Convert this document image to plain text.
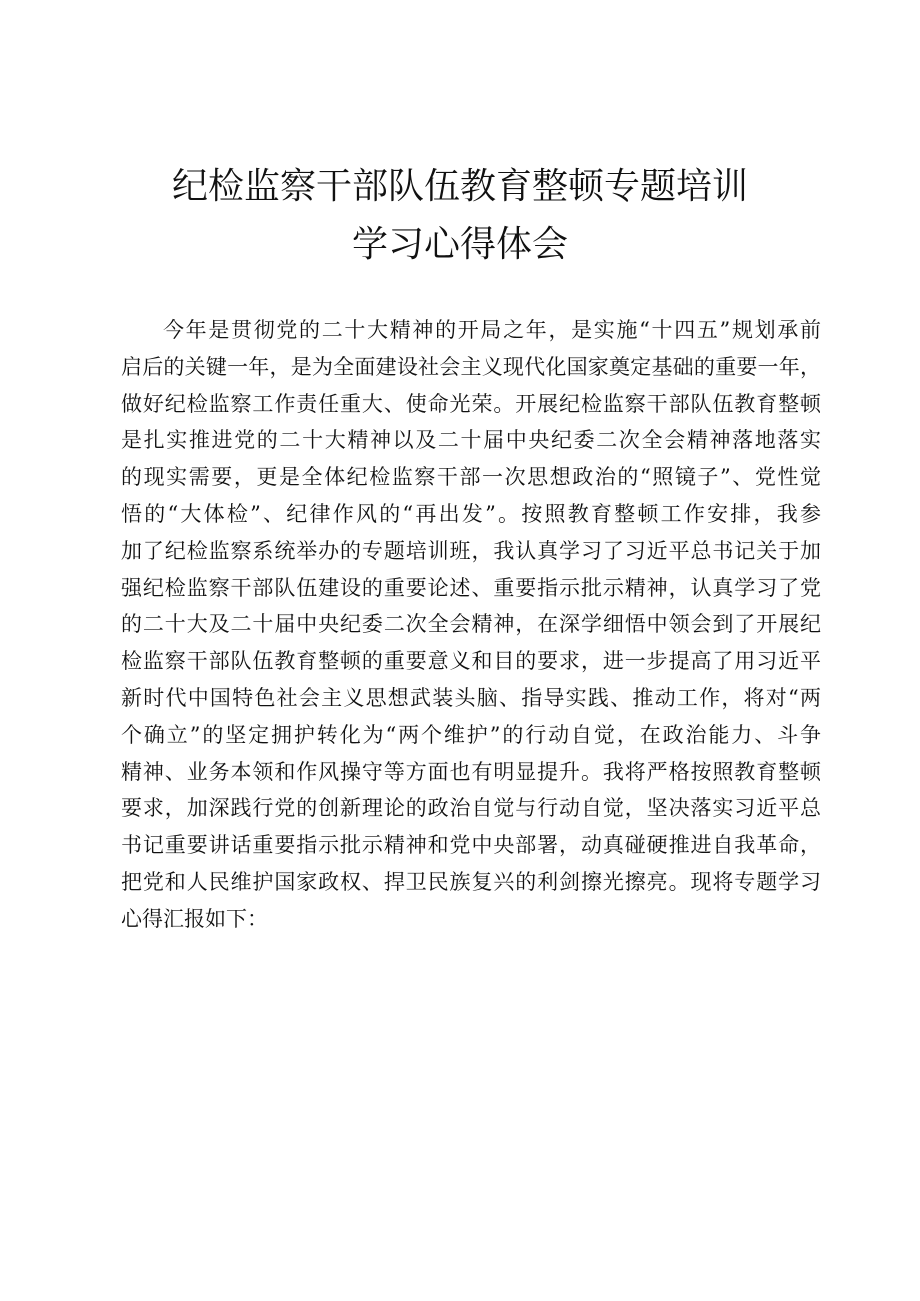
纪检监察干部队伍教育整顿专题培训
学习心得体会
今年是贯彻党的二十大精神的开局之年，是实施“十四五”规划承前
启后的关键一年，是为全面建设社会主义现代化国家奠定基础的重要一年，
做好纪检监察工作责任重大、使命光荣。开展纪检监察干部队伍教育整顿
是扎实推进党的二十大精神以及二十届中央纪委二次全会精神落地落实
的现实需要，更是全体纪检监察干部一次思想政治的“照镜子”、党性觉
悟的“大体检”、纪律作风的“再出发”。按照教育整顿工作安排，我参
加了纪检监察系统举办的专题培训班，我认真学习了习近平总书记关于加
强纪检监察干部队伍建设的重要论述、重要指示批示精神，认真学习了党
的二十大及二十届中央纪委二次全会精神，在深学细悟中领会到了开展纪
检监察干部队伍教育整顿的重要意义和目的要求，进一步提高了用习近平
新时代中国特色社会主义思想武装头脑、指导实践、推动工作，将对“两
个确立”的坚定拥护转化为“两个维护”的行动自觉，在政治能力、斗争
精神、业务本领和作风操守等方面也有明显提升。我将严格按照教育整顿
要求，加深践行党的创新理论的政治自觉与行动自觉，坚决落实习近平总
书记重要讲话重要指示批示精神和党中央部署，动真碰硬推进自我革命，
把党和人民维护国家政权、捍卫民族复兴的利剑擦光擦亮。现将专题学习
心得汇报如下：
